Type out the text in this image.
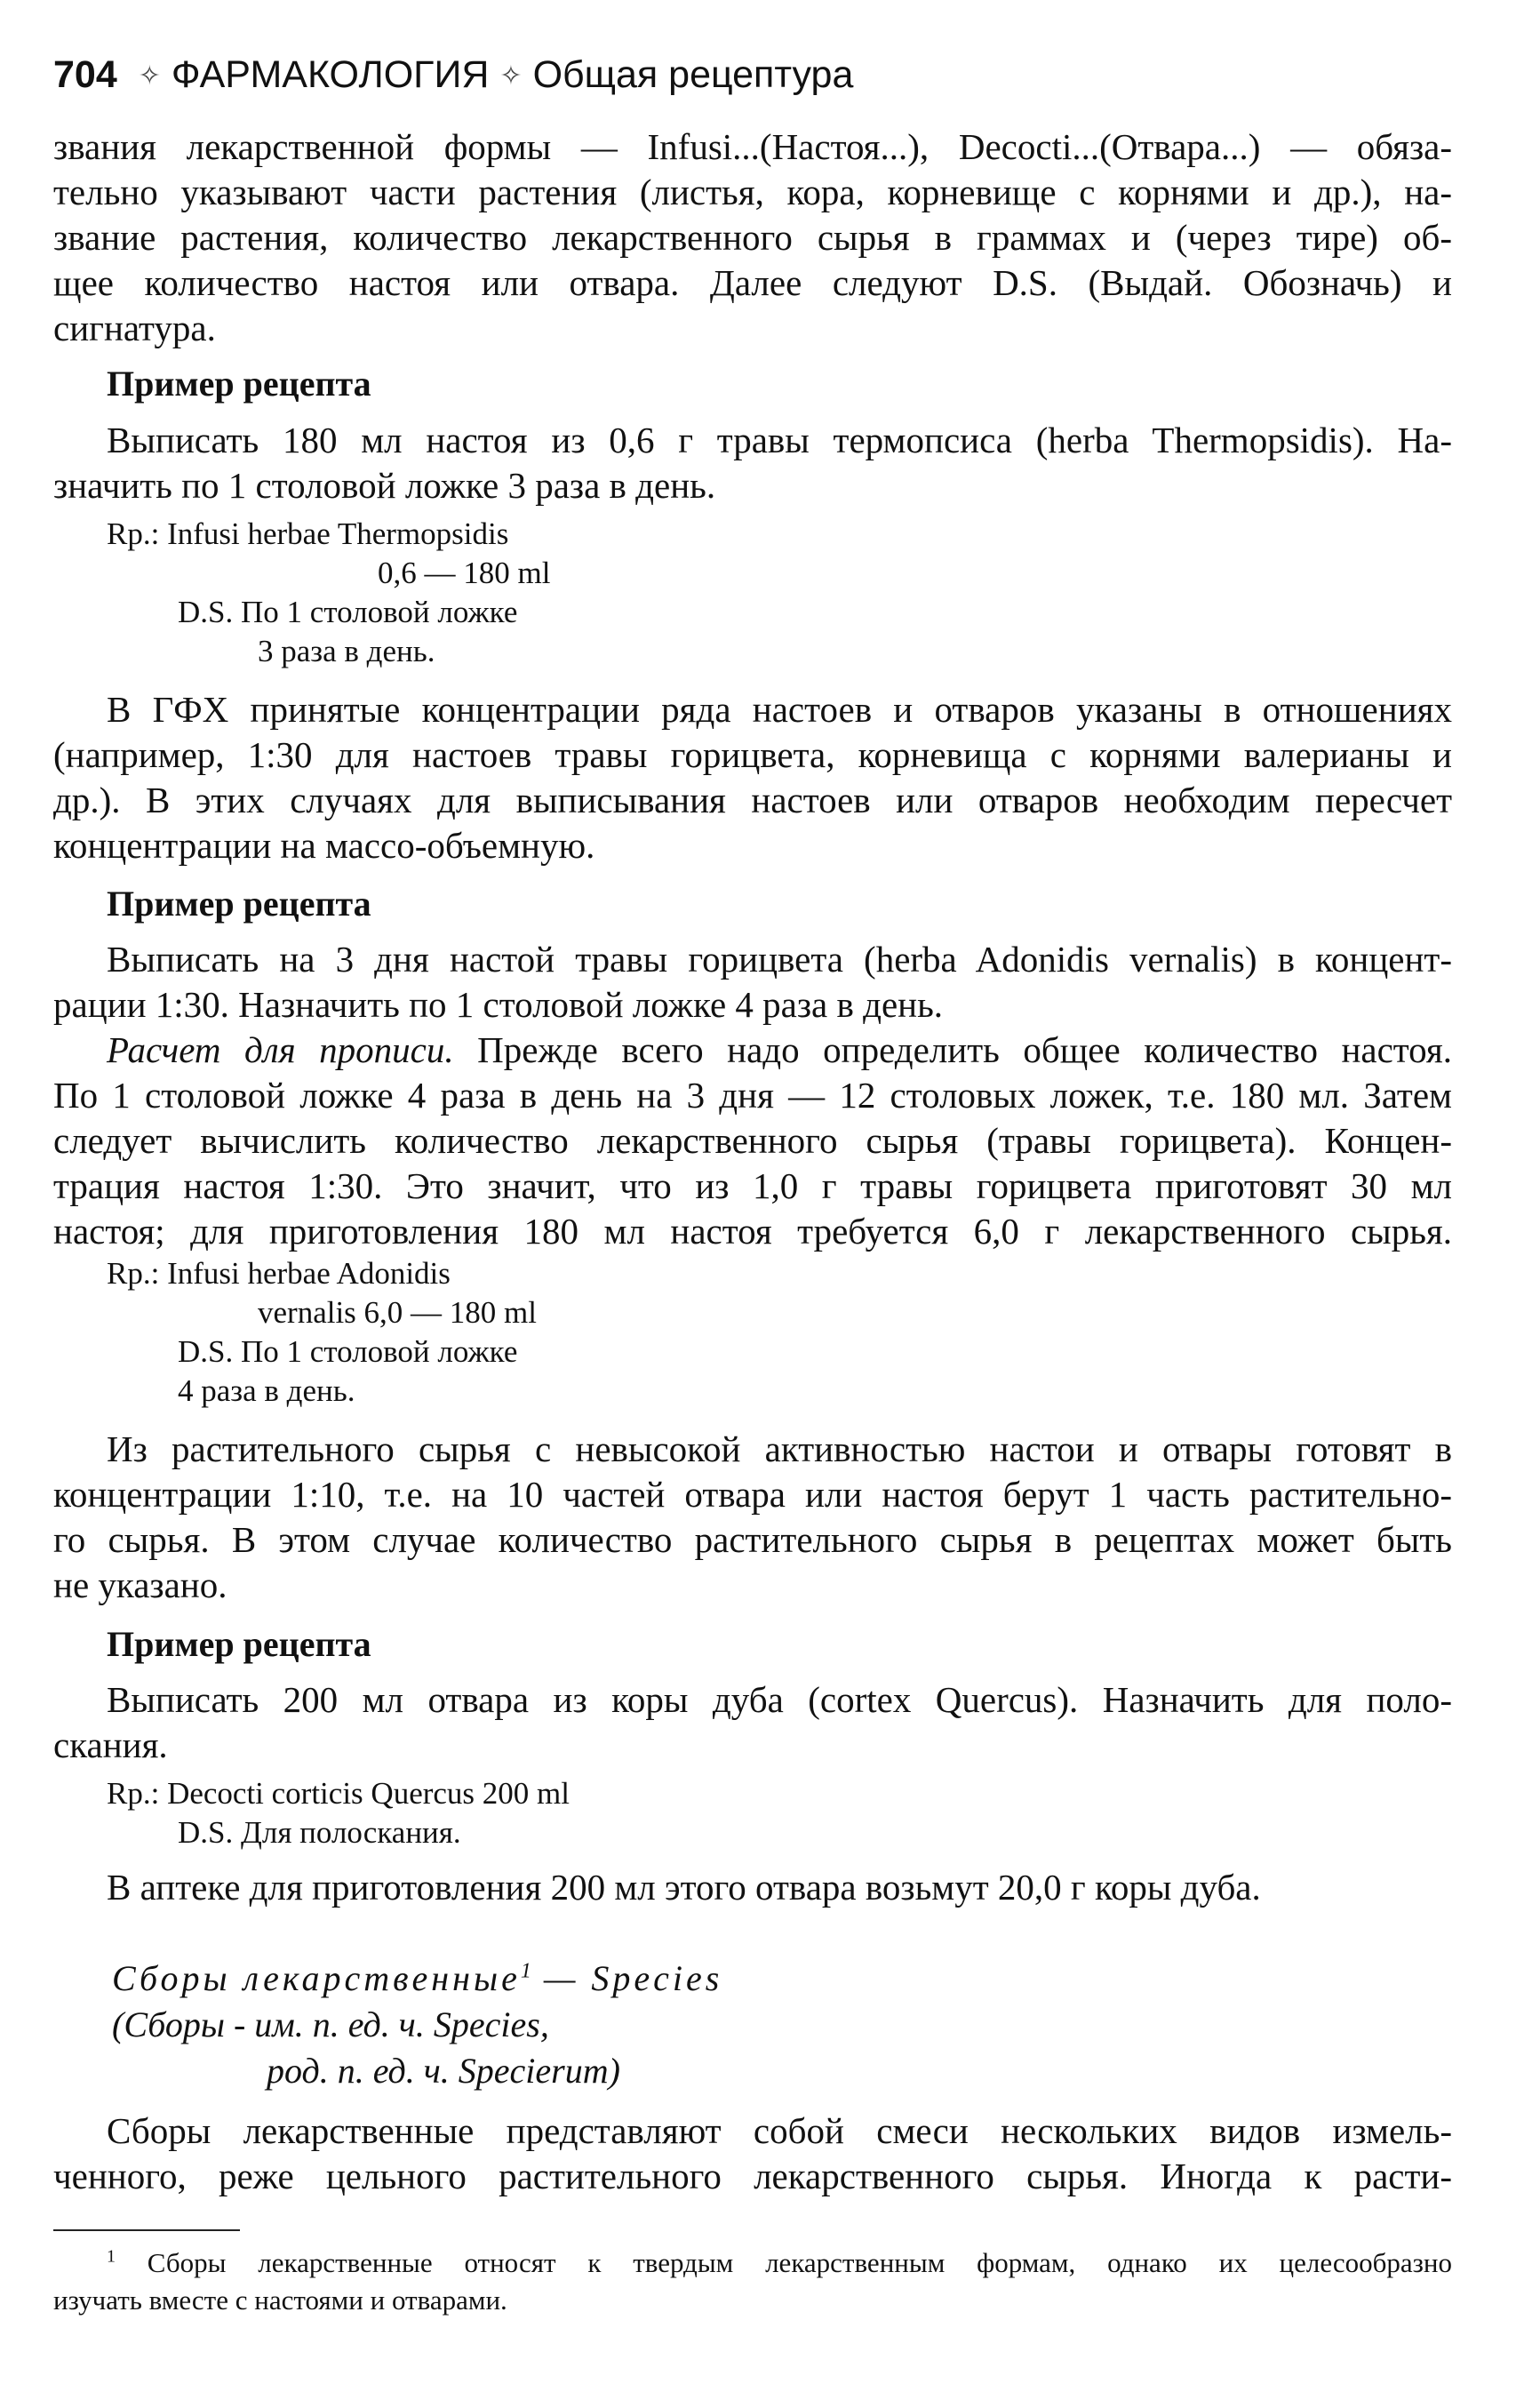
704 ✧ ФАРМАКОЛОГИЯ ✧ Общая рецептура
звания лекарственной формы — Infusi...(Настоя...), Decocti...(Отвара...) — обяза-
тельно указывают части растения (листья, кора, корневище с корнями и др.), на-
звание растения, количество лекарственного сырья в граммах и (через тире) об-
щее количество настоя или отвара. Далее следуют D.S. (Выдай. Обозначь) и
сигнатура.
Пример рецепта
Выписать 180 мл настоя из 0,6 г травы термопсиса (herba Thermopsidis). На-
значить по 1 столовой ложке 3 раза в день.
Rp.: Infusi herbae Thermopsidis
0,6 — 180 ml
D.S. По 1 столовой ложке
3 раза в день.
В ГФХ принятые концентрации ряда настоев и отваров указаны в отношениях
(например, 1:30 для настоев травы горицвета, корневища с корнями валерианы и
др.). В этих случаях для выписывания настоев или отваров необходим пересчет
концентрации на массо-объемную.
Пример рецепта
Выписать на 3 дня настой травы горицвета (herba Adonidis vernalis) в концент-
рации 1:30. Назначить по 1 столовой ложке 4 раза в день.
Расчет для прописи. Прежде всего надо определить общее количество настоя.
По 1 столовой ложке 4 раза в день на 3 дня — 12 столовых ложек, т.е. 180 мл. Затем
следует вычислить количество лекарственного сырья (травы горицвета). Концен-
трация настоя 1:30. Это значит, что из 1,0 г травы горицвета приготовят 30 мл
настоя; для приготовления 180 мл настоя требуется 6,0 г лекарственного сырья.
Rp.: Infusi herbae Adonidis
vernalis 6,0 — 180 ml
D.S. По 1 столовой ложке
4 раза в день.
Из растительного сырья с невысокой активностью настои и отвары готовят в
концентрации 1:10, т.е. на 10 частей отвара или настоя берут 1 часть растительно-
го сырья. В этом случае количество растительного сырья в рецептах может быть
не указано.
Пример рецепта
Выписать 200 мл отвара из коры дуба (cortex Quercus). Назначить для поло-
скания.
Rp.: Decocti corticis Quercus 200 ml
D.S. Для полоскания.
В аптеке для приготовления 200 мл этого отвара возьмут 20,0 г коры дуба.
Сборы лекарственные$^1$ — Species
(Сборы - им. п. ед. ч. Species,
род. п. ед. ч. Specierum)
Сборы лекарственные представляют собой смеси нескольких видов измель-
ченного, реже цельного растительного лекарственного сырья. Иногда к расти-
$^1$ Сборы лекарственные относят к твердым лекарственным формам, однако их целесообразно
изучать вместе с настоями и отварами.
